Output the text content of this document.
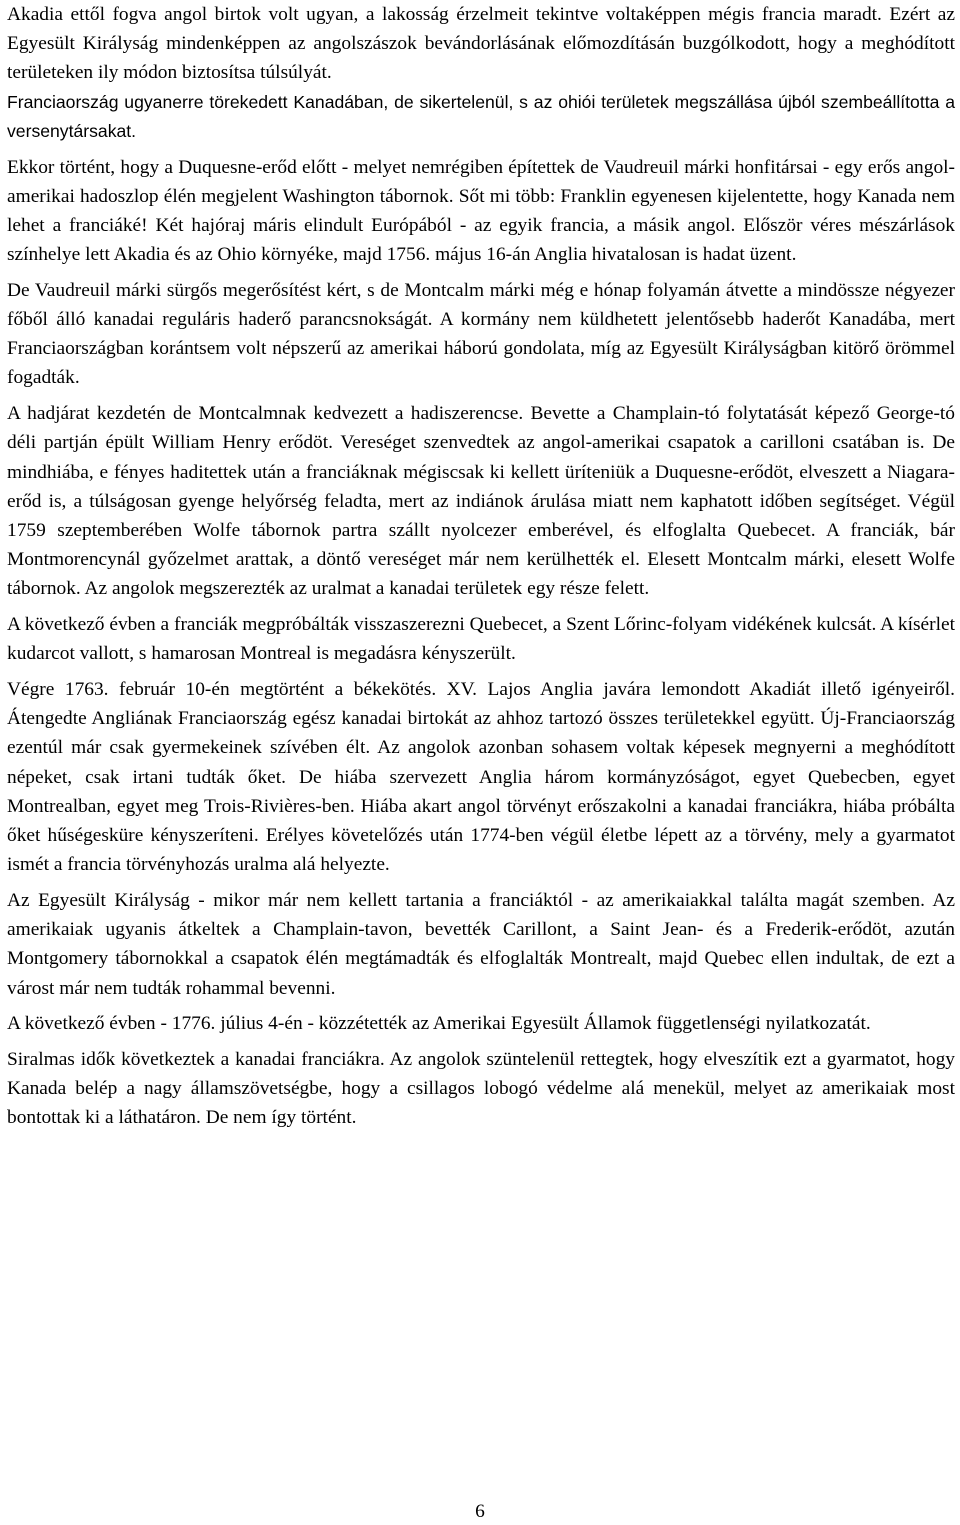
Akadia ettől fogva angol birtok volt ugyan, a lakosság érzelmeit tekintve voltaképpen mégis francia maradt. Ezért az Egyesült Királyság mindenképpen az angolszászok bevándorlásának előmozdításán buzgólkodott, hogy a meghódított területeken ily módon biztosítsa túlsúlyát.

Franciaország ugyanerre törekedett Kanadában, de sikertelenül, s az ohiói területek megszállása újból szembeállította a versenytársakat.

Ekkor történt, hogy a Duquesne-erőd előtt - melyet nemrégiben építettek de Vaudreuil márki honfitársai - egy erős angol-amerikai hadoszlop élén megjelent Washington tábornok. Sőt mi több: Franklin egyenesen kijelentette, hogy Kanada nem lehet a franciáké! Két hajóraj máris elindult Európából - az egyik francia, a másik angol. Először véres mészárlások színhelye lett Akadia és az Ohio környéke, majd 1756. május 16-án Anglia hivatalosan is hadat üzent.

De Vaudreuil márki sürgős megerősítést kért, s de Montcalm márki még e hónap folyamán átvette a mindössze négyezer főből álló kanadai reguláris haderő parancsnokságát. A kormány nem küldhetett jelentősebb haderőt Kanadába, mert Franciaországban korántsem volt népszerű az amerikai háború gondolata, míg az Egyesült Királyságban kitörő örömmel fogadták.

A hadjárat kezdetén de Montcalmnak kedvezett a hadiszerencse. Bevette a Champlain-tó folytatását képező George-tó déli partján épült William Henry erődöt. Vereséget szenvedtek az angol-amerikai csapatok a carilloni csatában is. De mindhiába, e fényes haditettek után a franciáknak mégiscsak ki kellett üríteniük a Duquesne-erődöt, elveszett a Niagara-erőd is, a túlságosan gyenge helyőrség feladta, mert az indiánok árulása miatt nem kaphatott időben segítséget. Végül 1759 szeptemberében Wolfe tábornok partra szállt nyolcezer emberével, és elfoglalta Quebecet. A franciák, bár Montmorencynál győzelmet arattak, a döntő vereséget már nem kerülhették el. Elesett Montcalm márki, elesett Wolfe tábornok. Az angolok megszerezték az uralmat a kanadai területek egy része felett.

A következő évben a franciák megpróbálták visszaszerezni Quebecet, a Szent Lőrinc-folyam vidékének kulcsát. A kísérlet kudarcot vallott, s hamarosan Montreal is megadásra kényszerült.

Végre 1763. február 10-én megtörtént a békekötés. XV. Lajos Anglia javára lemondott Akadiát illető igényeiről. Átengedte Angliának Franciaország egész kanadai birtokát az ahhoz tartozó összes területekkel együtt. Új-Franciaország ezentúl már csak gyermekeinek szívében élt. Az angolok azonban sohasem voltak képesek megnyerni a meghódított népeket, csak irtani tudták őket. De hiába szervezett Anglia három kormányzóságot, egyet Quebecben, egyet Montrealban, egyet meg Trois-Rivières-ben. Hiába akart angol törvényt erőszakolni a kanadai franciákra, hiába próbálta őket hűségesküre kényszeríteni. Erélyes követelőzés után 1774-ben végül életbe lépett az a törvény, mely a gyarmatot ismét a francia törvényhozás uralma alá helyezte.

Az Egyesült Királyság - mikor már nem kellett tartania a franciáktól - az amerikaiakkal találta magát szemben. Az amerikaiak ugyanis átkeltek a Champlain-tavon, bevették Carillont, a Saint Jean- és a Frederik-erődöt, azután Montgomery tábornokkal a csapatok élén megtámadták és elfoglalták Montrealt, majd Quebec ellen indultak, de ezt a várost már nem tudták rohammal bevenni.

A következő évben - 1776. július 4-én - közzétették az Amerikai Egyesült Államok függetlenségi nyilatkozatát.

Siralmas idők következtek a kanadai franciákra. Az angolok szüntelenül rettegtek, hogy elveszítik ezt a gyarmatot, hogy Kanada belép a nagy államszövetségbe, hogy a csillagos lobogó védelme alá menekül, melyet az amerikaiak most bontottak ki a láthatáron. De nem így történt.

6
